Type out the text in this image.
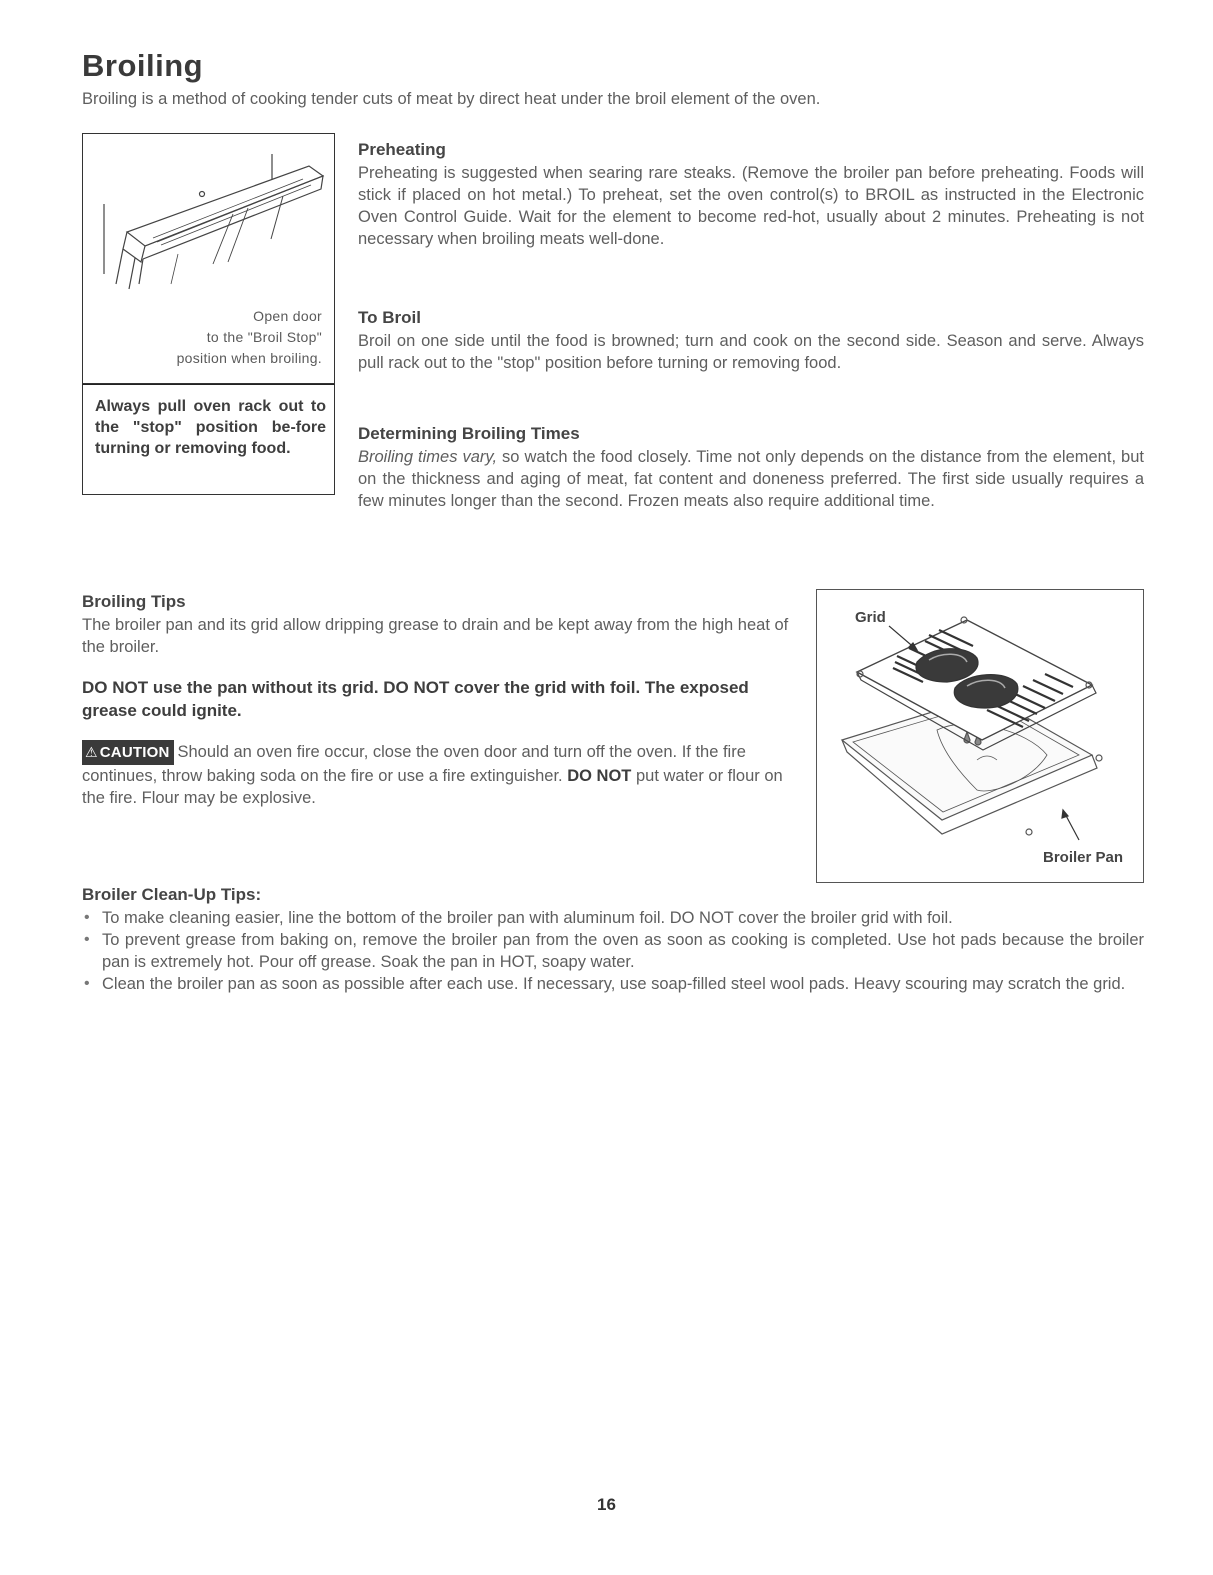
Broiling
Broiling is a method of cooking tender cuts of meat by direct heat under the broil element of the oven.
Open door
to the "Broil Stop"
position when broiling.
Always pull oven rack out to the "stop" position be-fore turning or removing food.
Preheating
Preheating is suggested when searing rare steaks. (Remove the broiler pan before preheating. Foods will stick if placed on hot metal.) To preheat, set the oven control(s) to BROIL as instructed in the Electronic Oven Control Guide. Wait for the element to become red-hot, usually about 2 minutes. Preheating is not necessary when broiling meats well-done.
To Broil
Broil on one side until the food is browned; turn and cook on the second side. Season and serve. Always pull rack out to the "stop" position before turning or removing food.
Determining Broiling Times
Broiling times vary, so watch the food closely. Time not only depends on the distance from the element, but on the thickness and aging of meat, fat content and doneness preferred. The first side usually requires a few minutes longer than the second. Frozen meats also require additional time.
Broiling Tips
The broiler pan and its grid allow dripping grease to drain and be kept away from the high heat of the broiler.
DO NOT use the pan without its grid. DO NOT cover the grid with foil. The exposed grease could ignite.
⚠ CAUTION Should an oven fire occur, close the oven door and turn off the oven. If the fire continues, throw baking soda on the fire or use a fire extinguisher. DO NOT put water or flour on the fire. Flour may be explosive.
Grid
Broiler Pan
Broiler Clean-Up Tips:
• To make cleaning easier, line the bottom of the broiler pan with aluminum foil. DO NOT cover the broiler grid with foil.
• To prevent grease from baking on, remove the broiler pan from the oven as soon as cooking is completed. Use hot pads because the broiler pan is extremely hot. Pour off grease. Soak the pan in HOT, soapy water.
• Clean the broiler pan as soon as possible after each use. If necessary, use soap-filled steel wool pads. Heavy scouring may scratch the grid.
16
